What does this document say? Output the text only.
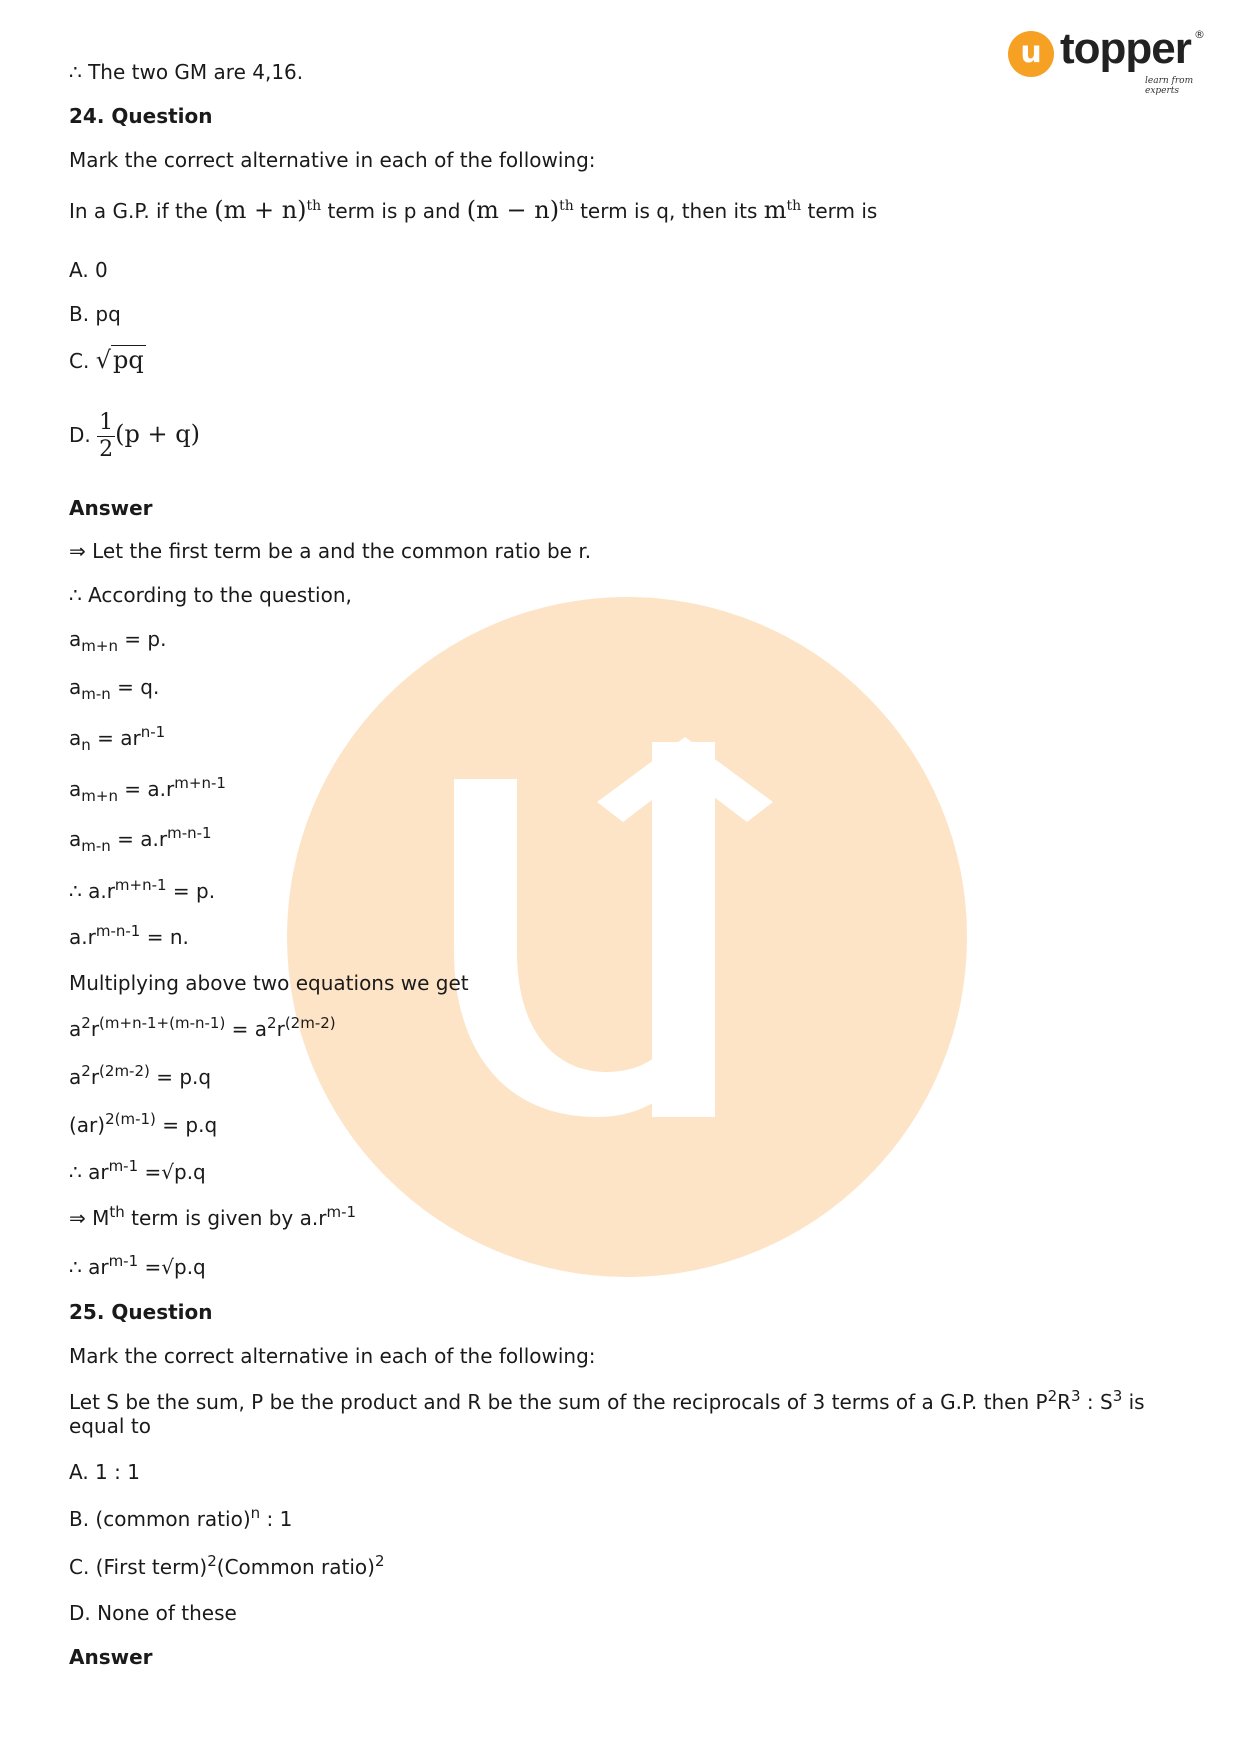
u topper ®
learn from experts
∴ The two GM are 4,16.
24. Question
Mark the correct alternative in each of the following:
In a G.P. if the $(m + n)^{th}$ term is p and $(m - n)^{th}$ term is q, then its $m^{th}$ term is
A. 0
B. pq
C. √pq
D. $\frac{1}{2} (p + q)$
Answer
⇒ Let the first term be a and the common ratio be r.
∴ According to the question,
$a_{m+n} = p$.
$a_{m-n} = q$.
$a_n = ar^{n-1}$
$a_{m+n} = a.r^{m+n-1}$
$a_{m-n} = a.r^{m-n-1}$
∴ $a.r^{m+n-1} = p$.
$a.r^{m-n-1} = n$.
Multiplying above two equations we get
$a^2r^{(m+n-1+(m-n-1)} = a^2r^{(2m-2)}$
$a^2r^{(2m-2)} = p.q$
(ar)$^{2(m-1)}$ = p.q
∴ $ar^{m-1} =√p.q$
⇒ Mth term is given by $a.r^{m-1}$
∴ $ar^{m-1} =√p.q$
25. Question
Mark the correct alternative in each of the following:
Let S be the sum, P be the product and R be the sum of the reciprocals of 3 terms of a G.P. then $P^2R^3$ : $S^3$ is equal to
A. 1 : 1
B. (common ratio)$^n$ : 1
C. (First term)$^2$(Common ratio)$^2$
D. None of these
Answer
